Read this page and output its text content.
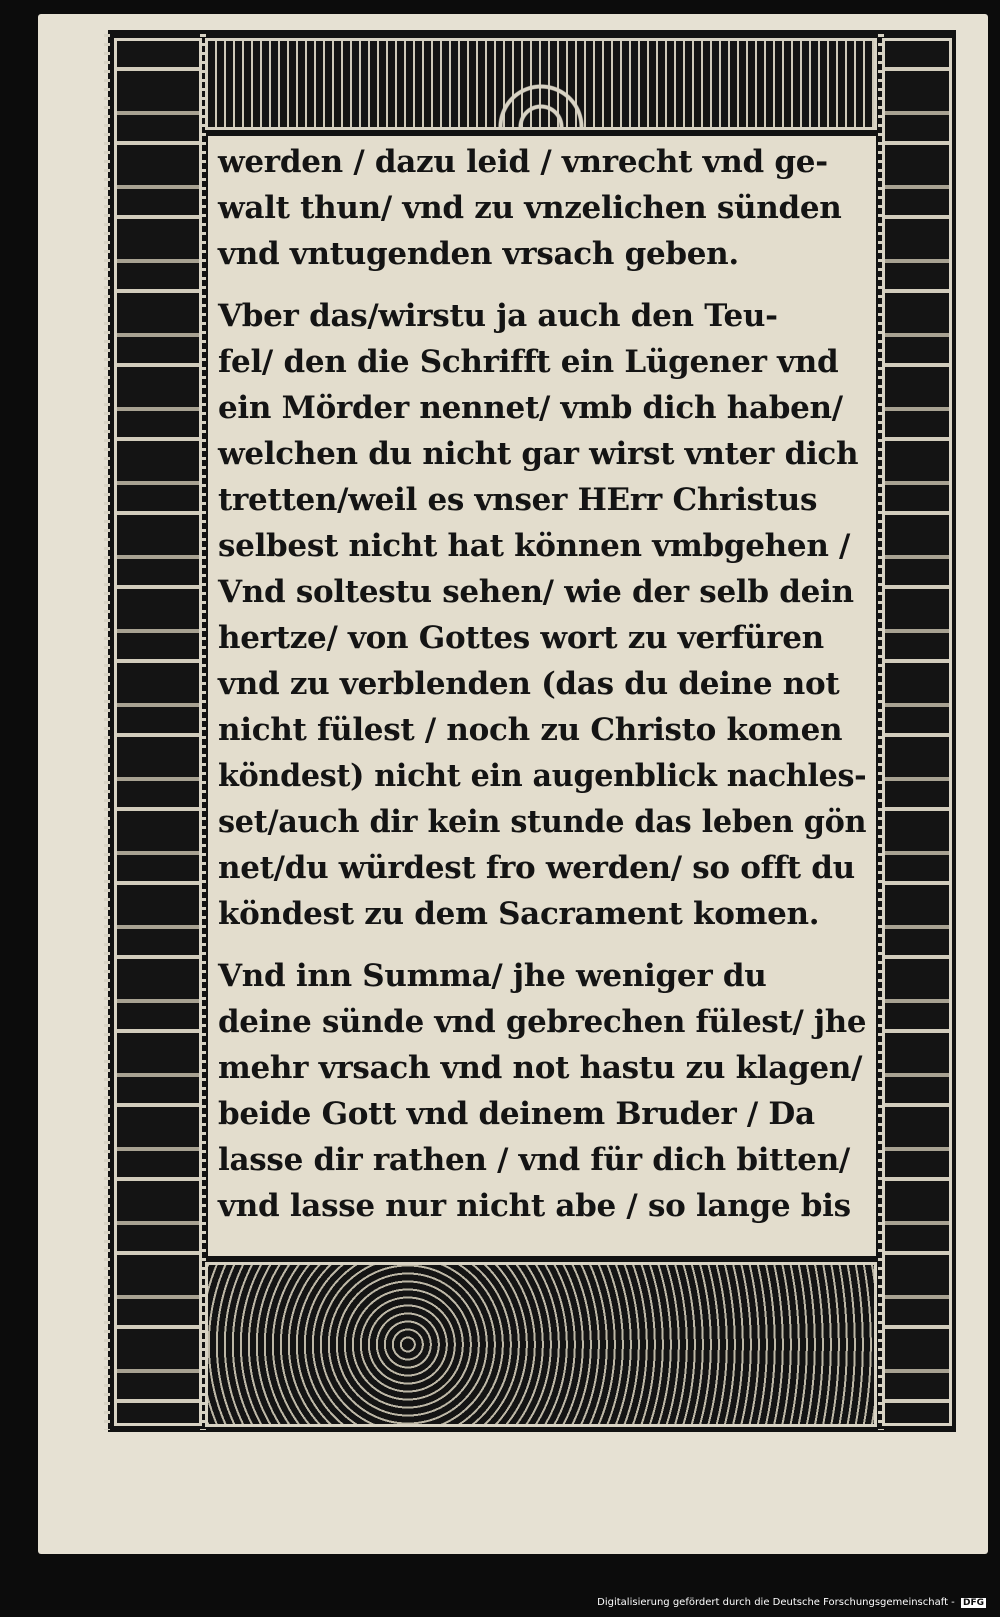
werden / dazu leid / vnrecht vnd ge-
walt thun/ vnd zu vnzelichen sünden
vnd vntugenden vrsach geben.
Vber das/wirstu ja auch den Teu-
fel/ den die Schrifft ein Lügener vnd
ein Mörder nennet/ vmb dich haben/
welchen du nicht gar wirst vnter dich
tretten/weil es vnser HErr Christus
selbest nicht hat können vmbgehen /
Vnd soltestu sehen/ wie der selb dein
hertze/ von Gottes wort zu verfüren
vnd zu verblenden (das du deine not
nicht fülest / noch zu Christo komen
köndest) nicht ein augenblick nachles-
set/auch dir kein stunde das leben gön
net/du würdest fro werden/ so offt du
köndest zu dem Sacrament komen.
Vnd inn Summa/ jhe weniger du
deine sünde vnd gebrechen fülest/ jhe
mehr vrsach vnd not hastu zu klagen/
beide Gott vnd deinem Bruder / Da
lasse dir rathen / vnd für dich bitten/
vnd lasse nur nicht abe / so lange bis
Digitalisierung gefördert durch die Deutsche Forschungsgemeinschaft - DFG
